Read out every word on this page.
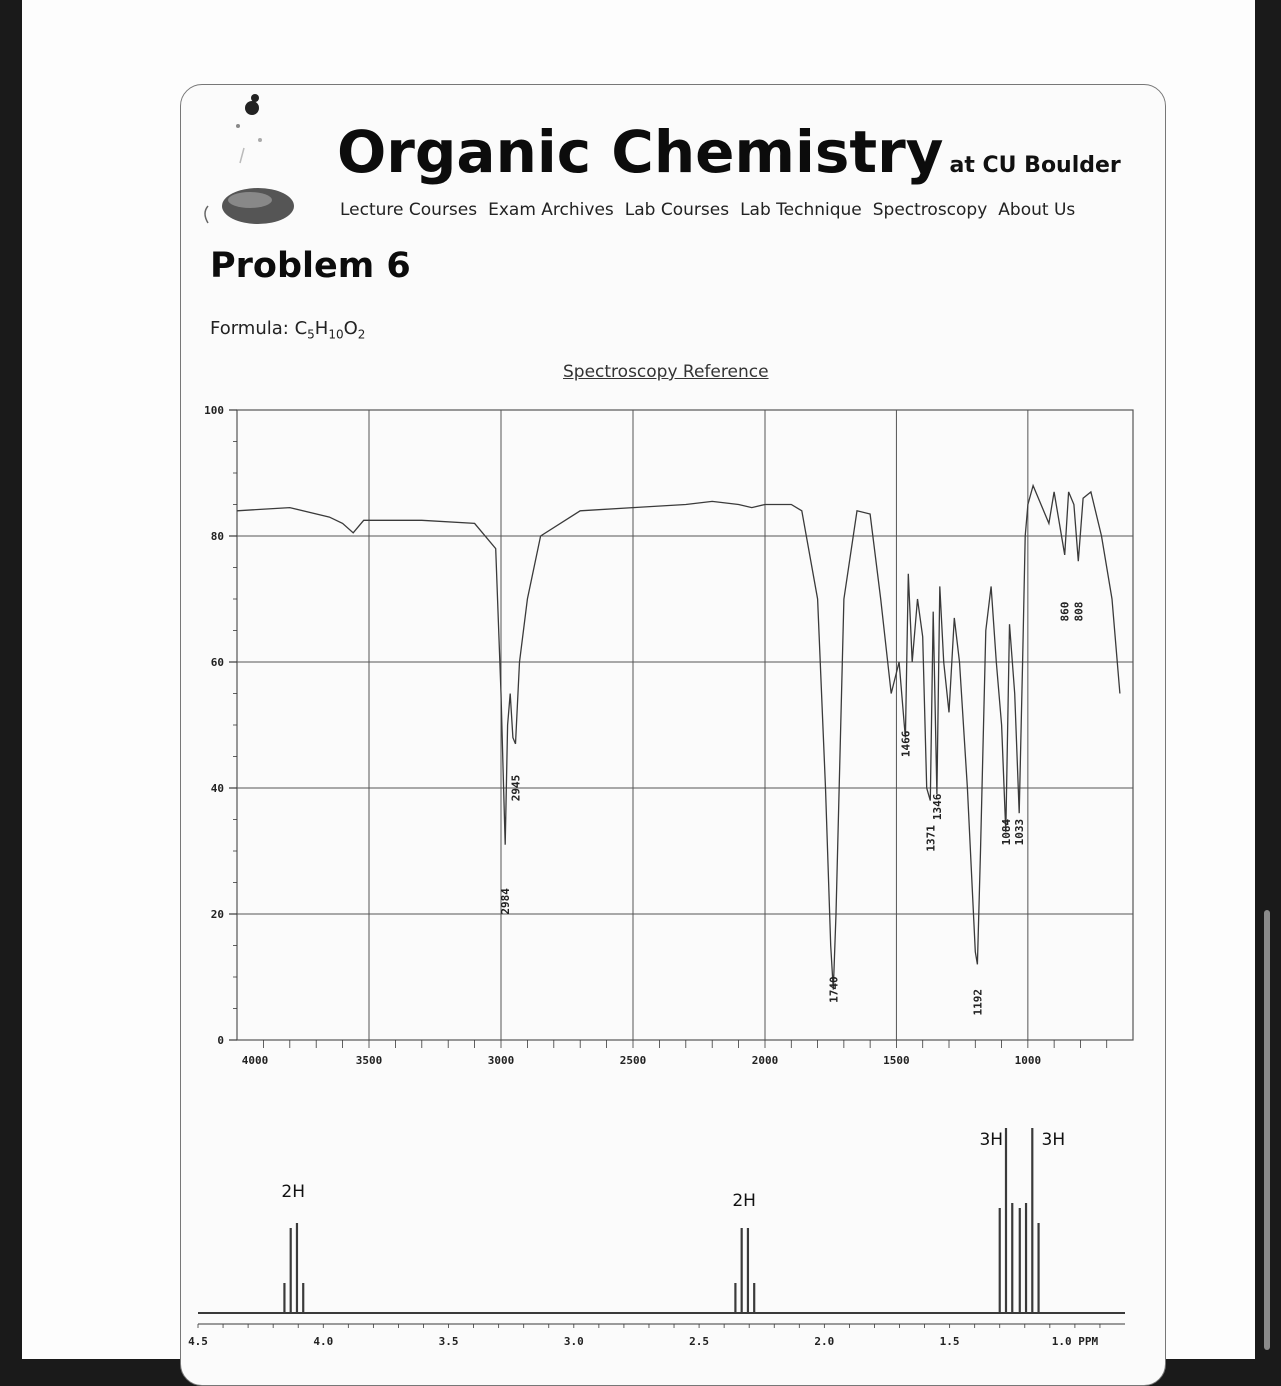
Organic Chemistry at CU Boulder
Lecture Courses Exam Archives Lab Courses Lab Technique Spectroscopy About Us
Problem 6
Formula: $C_5H_{10}O_2$
Spectroscopy Reference
100
80
60
40
20
0
4000	3500	3000	2500	2000	1500	1000
2984
2945
1740
1466
1371
1346
1192
1084 1033
860 808
4.5	4.0	3.5	3.0	2.5	2.0	1.5	1.0 PPM
2H	2H
3H 3H
